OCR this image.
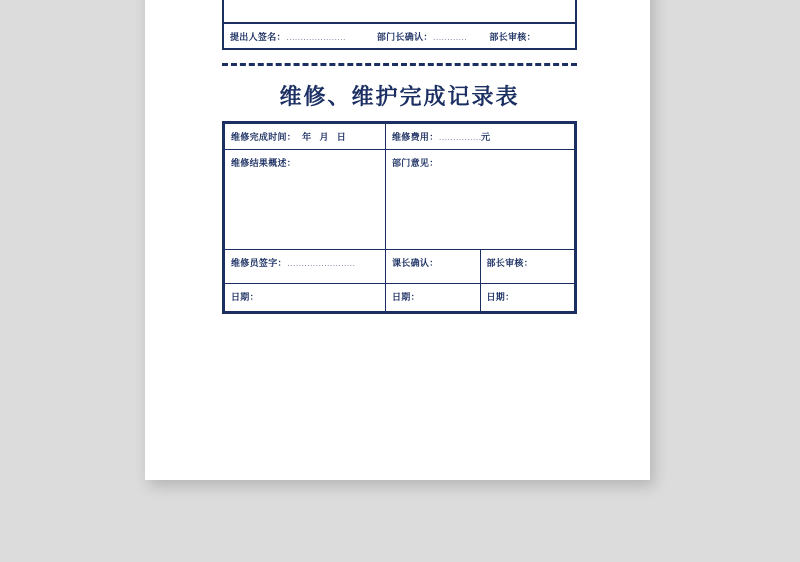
提出人签名：…………………	部门长确认：…………	部长审核：
维修、维护完成记录表
维修完成时间： 年 月 日	维修费用：……………元	
维修结果概述：	部门意见：	
维修员签字：……………………	课长确认：	部长审核：
日期：	日期：	日期：
